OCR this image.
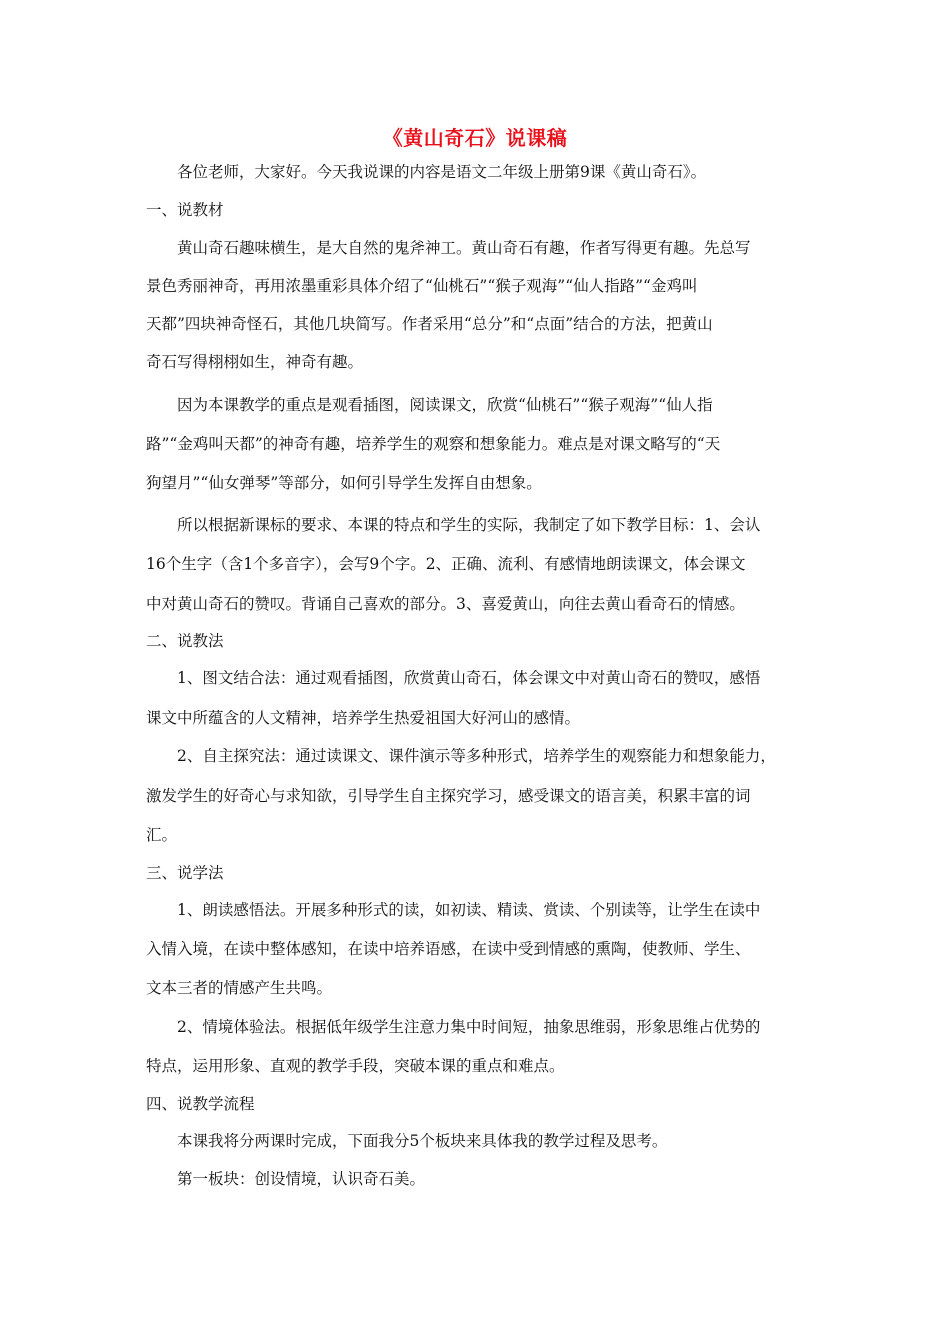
《黄山奇石》说课稿
各位老师，大家好。今天我说课的内容是语文二年级上册第9课《黄山奇石》。
一、说教材
黄山奇石趣味横生，是大自然的鬼斧神工。黄山奇石有趣，作者写得更有趣。先总写
景色秀丽神奇，再用浓墨重彩具体介绍了“仙桃石”“猴子观海”“仙人指路”“金鸡叫
天都”四块神奇怪石，其他几块简写。作者采用“总分”和“点面”结合的方法，把黄山
奇石写得栩栩如生，神奇有趣。
因为本课教学的重点是观看插图，阅读课文，欣赏“仙桃石”“猴子观海”“仙人指
路”“金鸡叫天都”的神奇有趣，培养学生的观察和想象能力。难点是对课文略写的“天
狗望月”“仙女弹琴”等部分，如何引导学生发挥自由想象。
所以根据新课标的要求、本课的特点和学生的实际，我制定了如下教学目标：1、会认
16个生字（含1个多音字），会写9个字。2、正确、流利、有感情地朗读课文，体会课文
中对黄山奇石的赞叹。背诵自己喜欢的部分。3、喜爱黄山，向往去黄山看奇石的情感。
二、说教法
1、图文结合法：通过观看插图，欣赏黄山奇石，体会课文中对黄山奇石的赞叹，感悟
课文中所蕴含的人文精神，培养学生热爱祖国大好河山的感情。
2、自主探究法：通过读课文、课件演示等多种形式，培养学生的观察能力和想象能力，
激发学生的好奇心与求知欲，引导学生自主探究学习，感受课文的语言美，积累丰富的词
汇。
三、说学法
1、朗读感悟法。开展多种形式的读，如初读、精读、赏读、个别读等，让学生在读中
入情入境，在读中整体感知，在读中培养语感，在读中受到情感的熏陶，使教师、学生、
文本三者的情感产生共鸣。
2、情境体验法。根据低年级学生注意力集中时间短，抽象思维弱，形象思维占优势的
特点，运用形象、直观的教学手段，突破本课的重点和难点。
四、说教学流程
本课我将分两课时完成，下面我分5个板块来具体我的教学过程及思考。
第一板块：创设情境，认识奇石美。
